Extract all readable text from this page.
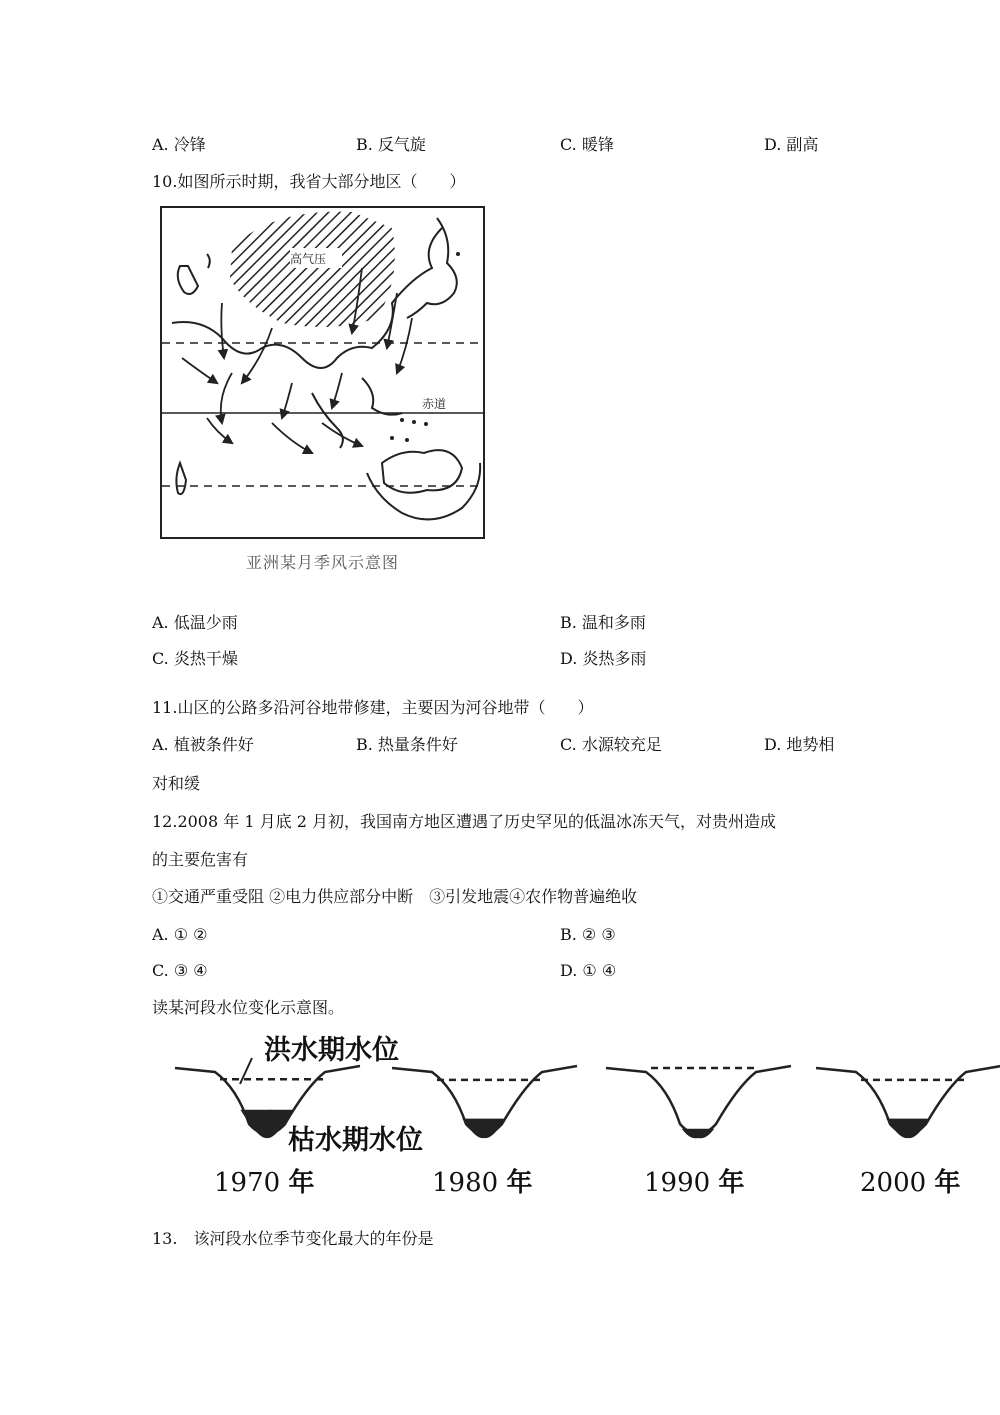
A. 冷锋	B. 反气旋	C. 暖锋	D. 副高
10.如图所示时期，我省大部分地区（　　）
高气压
赤道
亚洲某月季风示意图
A. 低温少雨	B. 温和多雨
C. 炎热干燥	D. 炎热多雨
11.山区的公路多沿河谷地带修建，主要因为河谷地带（　　）
A. 植被条件好	B. 热量条件好	C. 水源较充足	D. 地势相
对和缓
12.2008 年 1 月底 2 月初，我国南方地区遭遇了历史罕见的低温冰冻天气，对贵州造成
的主要危害有
①交通严重受阻 ②电力供应部分中断　③引发地震④农作物普遍绝收
A. ① ②	B. ② ③
C. ③ ④	D. ① ④
读某河段水位变化示意图。
洪水期水位
枯水期水位
1970 年	1980 年	1990 年	2000 年
13.　该河段水位季节变化最大的年份是
